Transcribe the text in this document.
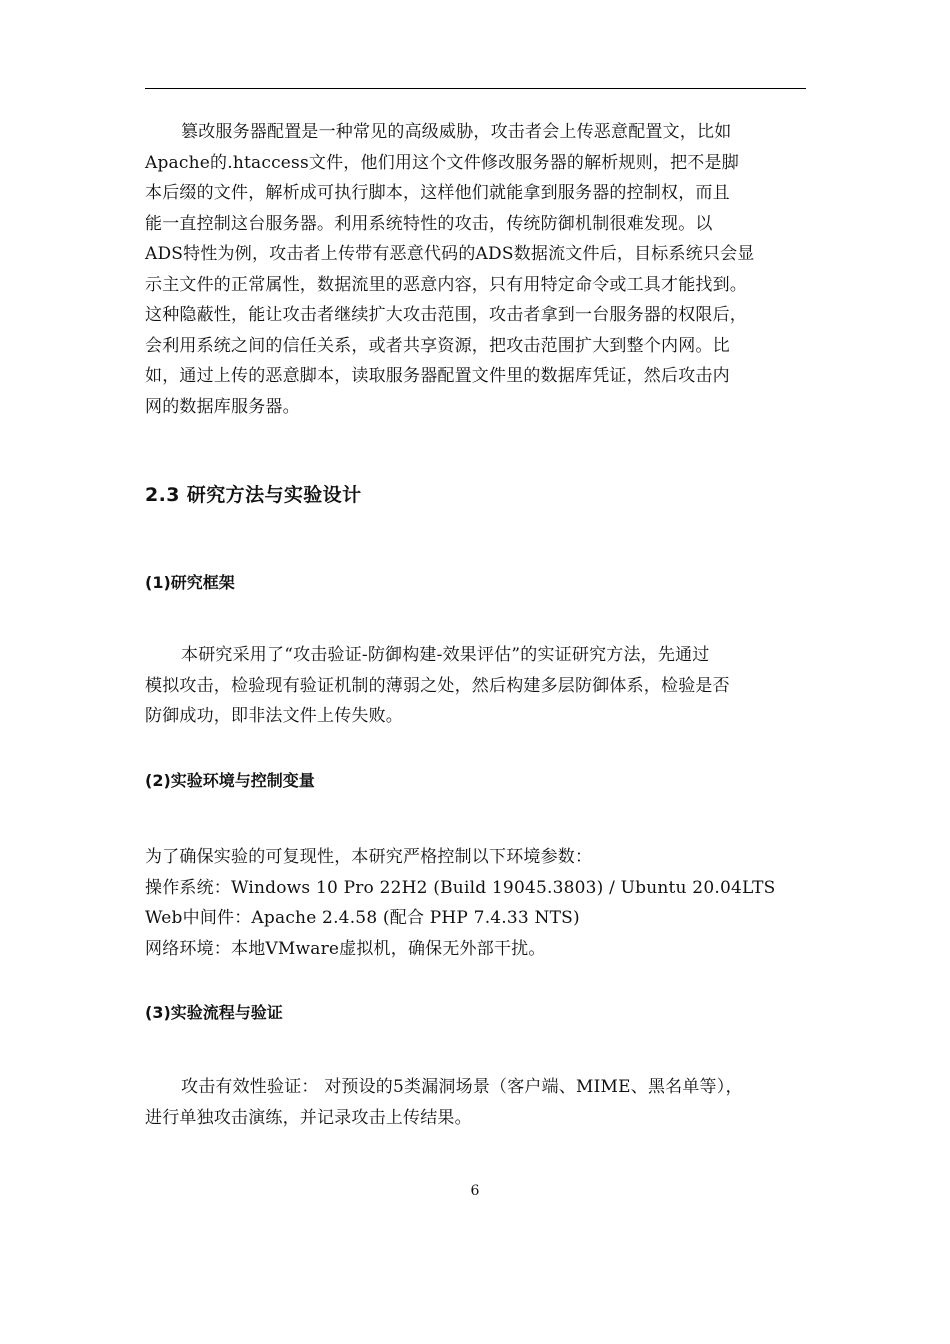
篡改服务器配置是一种常见的高级威胁，攻击者会上传恶意配置文，比如
Apache的.htaccess文件，他们用这个文件修改服务器的解析规则，把不是脚
本后缀的文件，解析成可执行脚本，这样他们就能拿到服务器的控制权，而且
能一直控制这台服务器。利用系统特性的攻击，传统防御机制很难发现。以
ADS特性为例，攻击者上传带有恶意代码的ADS数据流文件后，目标系统只会显
示主文件的正常属性，数据流里的恶意内容，只有用特定命令或工具才能找到。
这种隐蔽性，能让攻击者继续扩大攻击范围，攻击者拿到一台服务器的权限后，
会利用系统之间的信任关系，或者共享资源，把攻击范围扩大到整个内网。比
如，通过上传的恶意脚本，读取服务器配置文件里的数据库凭证，然后攻击内
网的数据库服务器。

2.3 研究方法与实验设计
(1)研究框架

本研究采用了“攻击验证-防御构建-效果评估”的实证研究方法，先通过
模拟攻击，检验现有验证机制的薄弱之处，然后构建多层防御体系，检验是否
防御成功，即非法文件上传失败。

(2)实验环境与控制变量

为了确保实验的可复现性，本研究严格控制以下环境参数：
操作系统：Windows 10 Pro 22H2 (Build 19045.3803) / Ubuntu 20.04LTS
Web中间件：Apache 2.4.58 (配合 PHP 7.4.33 NTS)
网络环境：本地VMware虚拟机，确保无外部干扰。

(3)实验流程与验证

攻击有效性验证： 对预设的5类漏洞场景（客户端、MIME、黑名单等），
进行单独攻击演练，并记录攻击上传结果。

6
